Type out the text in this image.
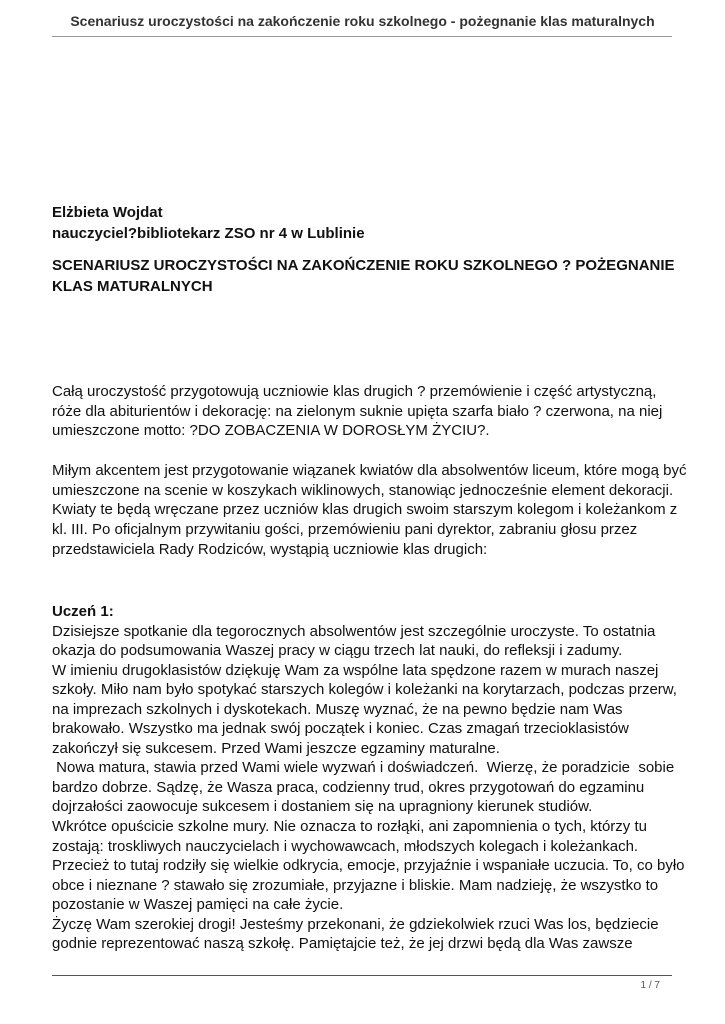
Scenariusz uroczystości na zakończenie roku szkolnego - pożegnanie klas maturalnych
Elżbieta Wojdat
nauczyciel?bibliotekarz ZSO nr 4 w Lublinie
SCENARIUSZ UROCZYSTOŚCI NA ZAKOŃCZENIE ROKU SZKOLNEGO ? POŻEGNANIE
KLAS MATURALNYCH

Całą uroczystość przygotowują uczniowie klas drugich ? przemówienie i część artystyczną,
róże dla abiturientów i dekorację: na zielonym suknie upięta szarfa biało ? czerwona, na niej
umieszczone motto: ?DO ZOBACZENIA W DOROSŁYM ŻYCIU?.

Miłym akcentem jest przygotowanie wiązanek kwiatów dla absolwentów liceum, które mogą być
umieszczone na scenie w koszykach wiklinowych, stanowiąc jednocześnie element dekoracji.
Kwiaty te będą wręczane przez uczniów klas drugich swoim starszym kolegom i koleżankom z
kl. III. Po oficjalnym przywitaniu gości, przemówieniu pani dyrektor, zabraniu głosu przez
przedstawiciela Rady Rodziców, wystąpią uczniowie klas drugich:

Uczeń 1:

Dzisiejsze spotkanie dla tegorocznych absolwentów jest szczególnie uroczyste. To ostatnia
okazja do podsumowania Waszej pracy w ciągu trzech lat nauki, do refleksji i zadumy.
W imieniu drugoklasistów dziękuję Wam za wspólne lata spędzone razem w murach naszej
szkoły. Miło nam było spotykać starszych kolegów i koleżanki na korytarzach, podczas przerw,
na imprezach szkolnych i dyskotekach. Muszę wyznać, że na pewno będzie nam Was
brakowało. Wszystko ma jednak swój początek i koniec. Czas zmagań trzecioklasistów
zakończył się sukcesem. Przed Wami jeszcze egzaminy maturalne.
Nowa matura, stawia przed Wami wiele wyzwań i doświadczeń.  Wierzę, że poradzicie  sobie
bardzo dobrze. Sądzę, że Wasza praca, codzienny trud, okres przygotowań do egzaminu
dojrzałości zaowocuje sukcesem i dostaniem się na upragniony kierunek studiów.
Wkrótce opuścicie szkolne mury. Nie oznacza to rozłąki, ani zapomnienia o tych, którzy tu
zostają: troskliwych nauczycielach i wychowawcach, młodszych kolegach i koleżankach.
Przecież to tutaj rodziły się wielkie odkrycia, emocje, przyjaźnie i wspaniałe uczucia. To, co było
obce i nieznane ? stawało się zrozumiałe, przyjazne i bliskie. Mam nadzieję, że wszystko to
pozostanie w Waszej pamięci na całe życie.
Życzę Wam szerokiej drogi! Jesteśmy przekonani, że gdziekolwiek rzuci Was los, będziecie
godnie reprezentować naszą szkołę. Pamiętajcie też, że jej drzwi będą dla Was zawsze

1 / 7
